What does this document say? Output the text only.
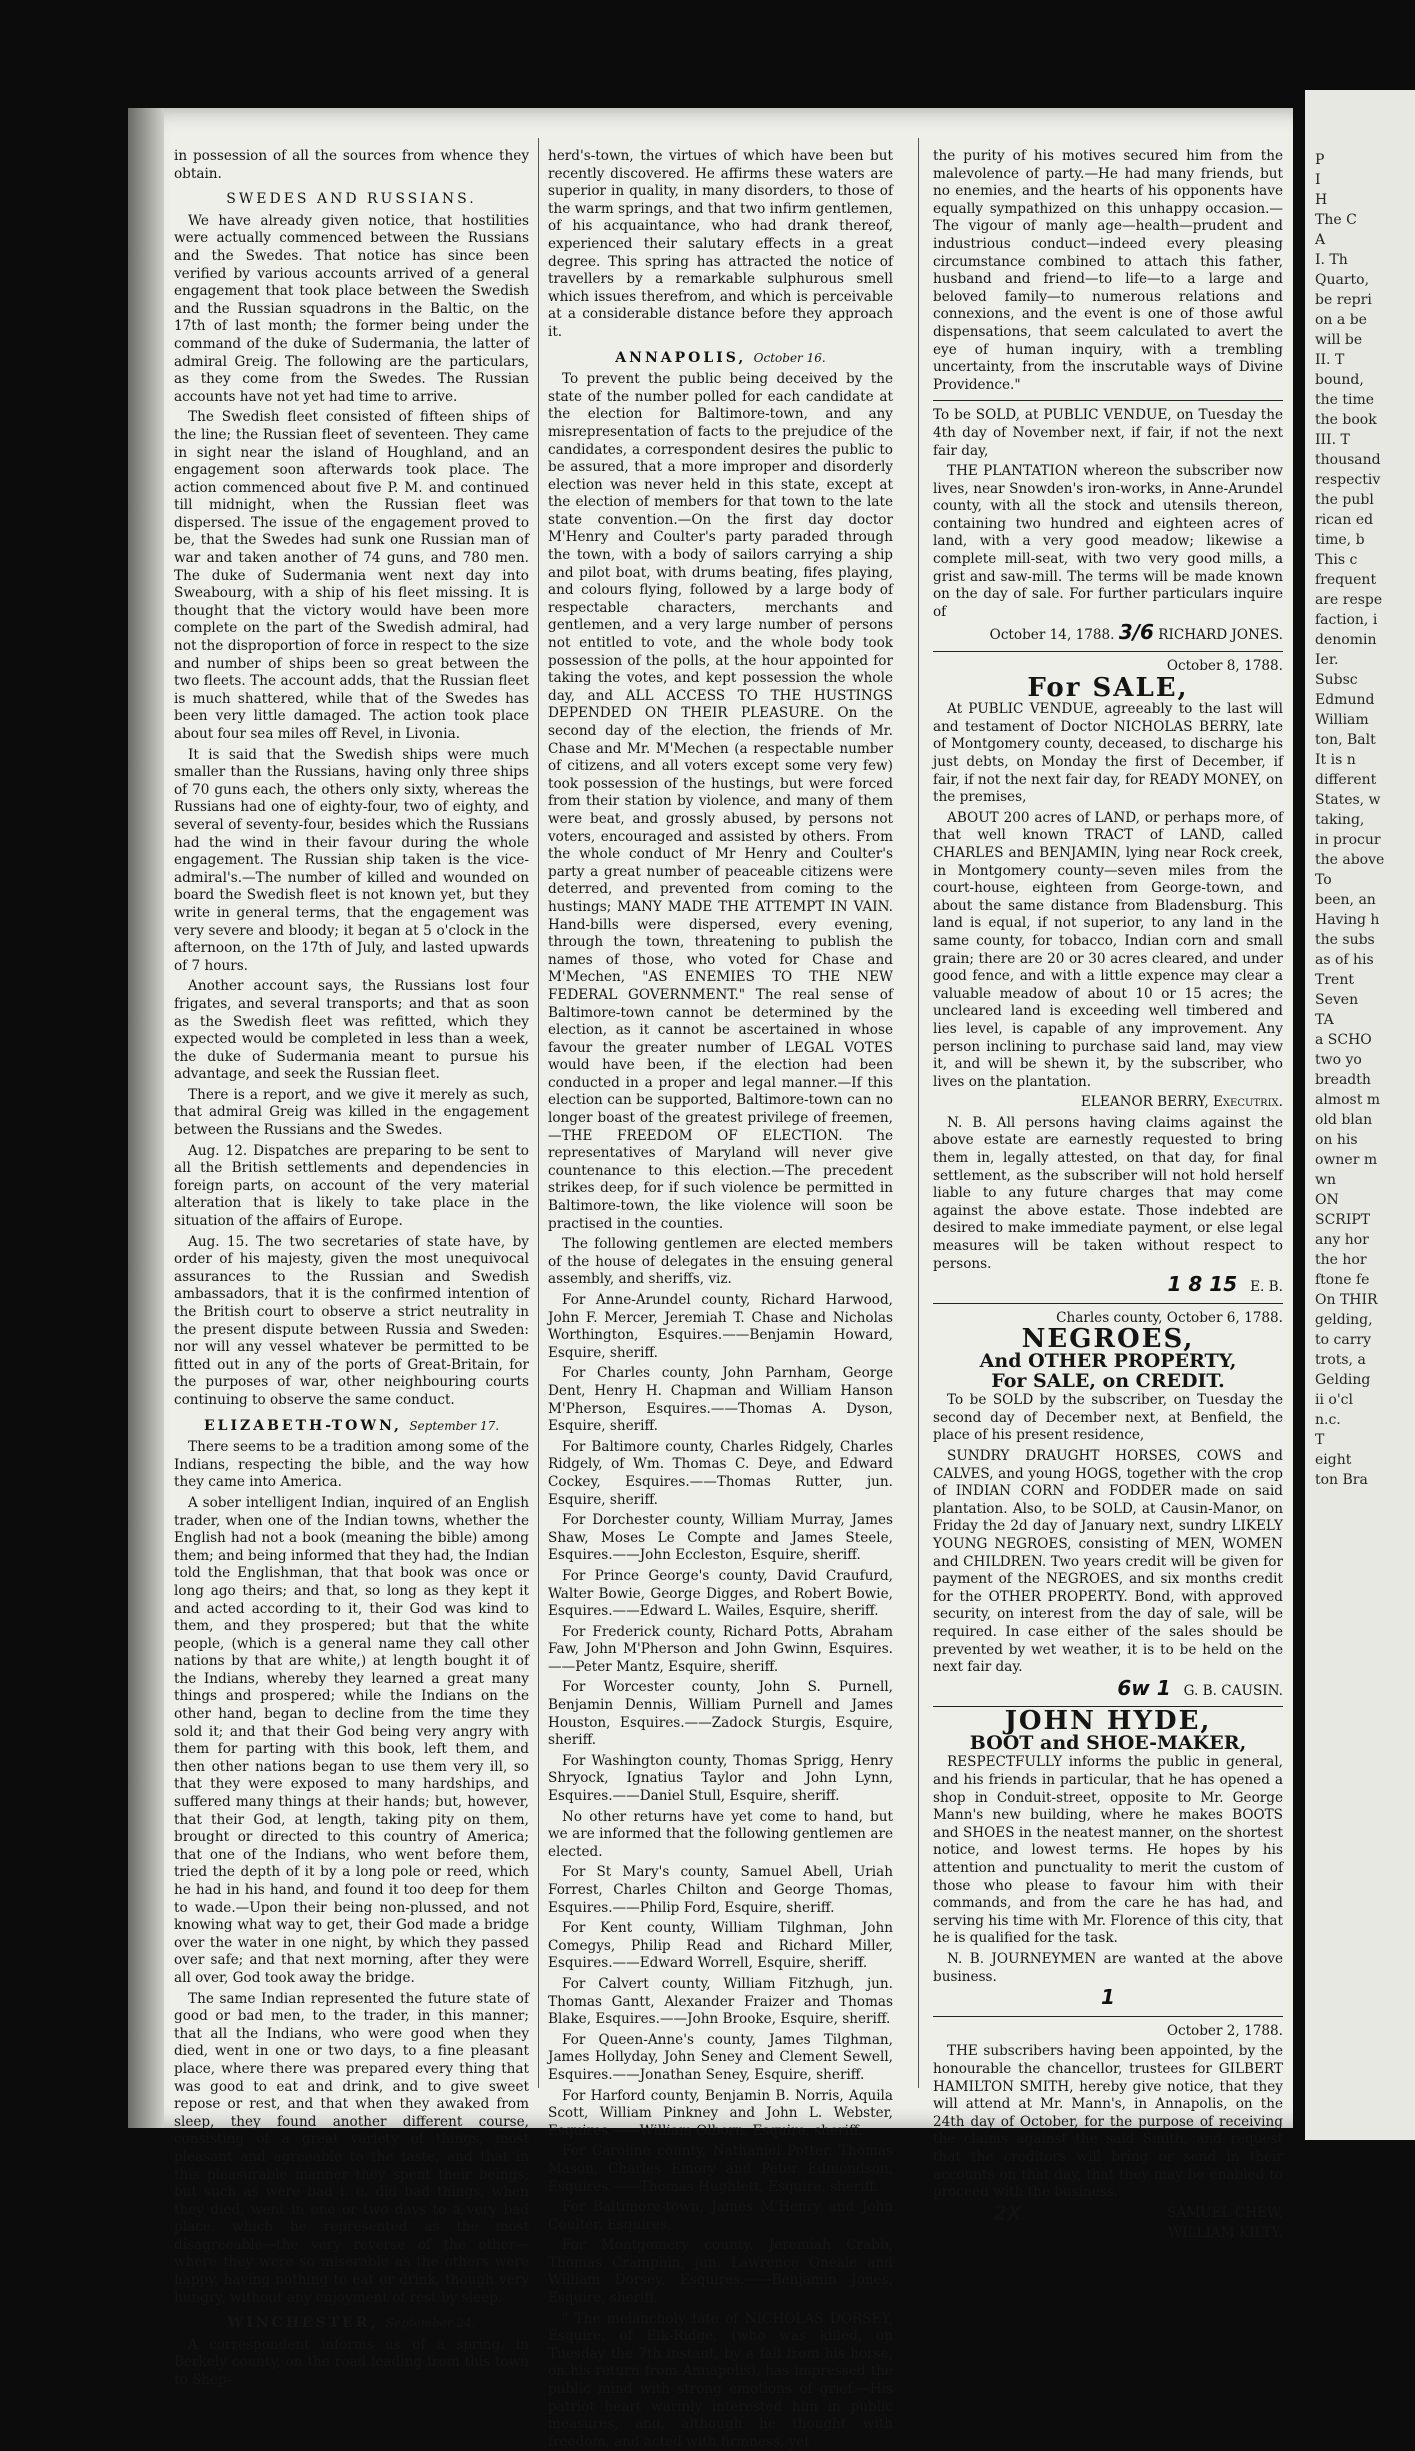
in possession of all the sources from whence they obtain.

SWEDES AND RUSSIANS.

We have already given notice, that hostilities were actually commenced between the Russians and the Swedes. That notice has since been verified by various accounts arrived of a general engagement that took place between the Swedish and the Russian squadrons in the Baltic, on the 17th of last month; the former being under the command of the duke of Sudermania, the latter of admiral Greig. The following are the particulars, as they come from the Swedes. The Russian accounts have not yet had time to arrive.

The Swedish fleet consisted of fifteen ships of the line; the Russian fleet of seventeen. They came in sight near the island of Houghland, and an engagement soon afterwards took place. The action commenced about five P. M. and continued till midnight, when the Russian fleet was dispersed. The issue of the engagement proved to be, that the Swedes had sunk one Russian man of war and taken another of 74 guns, and 780 men. The duke of Sudermania went next day into Sweabourg, with a ship of his fleet missing. It is thought that the victory would have been more complete on the part of the Swedish admiral, had not the disproportion of force in respect to the size and number of ships been so great between the two fleets. The account adds, that the Russian fleet is much shattered, while that of the Swedes has been very little damaged. The action took place about four sea miles off Revel, in Livonia.

It is said that the Swedish ships were much smaller than the Russians, having only three ships of 70 guns each, the others only sixty, whereas the Russians had one of eighty-four, two of eighty, and several of seventy-four, besides which the Russians had the wind in their favour during the whole engagement. The Russian ship taken is the vice-admiral's.—The number of killed and wounded on board the Swedish fleet is not known yet, but they write in general terms, that the engagement was very severe and bloody; it began at 5 o'clock in the afternoon, on the 17th of July, and lasted upwards of 7 hours.

Another account says, the Russians lost four frigates, and several transports; and that as soon as the Swedish fleet was refitted, which they expected would be completed in less than a week, the duke of Sudermania meant to pursue his advantage, and seek the Russian fleet.

There is a report, and we give it merely as such, that admiral Greig was killed in the engagement between the Russians and the Swedes.

Aug. 12. Dispatches are preparing to be sent to all the British settlements and dependencies in foreign parts, on account of the very material alteration that is likely to take place in the situation of the affairs of Europe.

Aug. 15. The two secretaries of state have, by order of his majesty, given the most unequivocal assurances to the Russian and Swedish ambassadors, that it is the confirmed intention of the British court to observe a strict neutrality in the present dispute between Russia and Sweden: nor will any vessel whatever be permitted to be fitted out in any of the ports of Great-Britain, for the purposes of war, other neighbouring courts continuing to observe the same conduct.

ELIZABETH-TOWN, September 17.

There seems to be a tradition among some of the Indians, respecting the bible, and the way how they came into America.

A sober intelligent Indian, inquired of an English trader, when one of the Indian towns, whether the English had not a book (meaning the bible) among them; and being informed that they had, the Indian told the Englishman, that that book was once or long ago theirs; and that, so long as they kept it and acted according to it, their God was kind to them, and they prospered; but that the white people, (which is a general name they call other nations by that are white,) at length bought it of the Indians, whereby they learned a great many things and prospered; while the Indians on the other hand, began to decline from the time they sold it; and that their God being very angry with them for parting with this book, left them, and then other nations began to use them very ill, so that they were exposed to many hardships, and suffered many things at their hands; but, however, that their God, at length, taking pity on them, brought or directed to this country of America; that one of the Indians, who went before them, tried the depth of it by a long pole or reed, which he had in his hand, and found it too deep for them to wade.—Upon their being non-plussed, and not knowing what way to get, their God made a bridge over the water in one night, by which they passed over safe; and that next morning, after they were all over, God took away the bridge.

The same Indian represented the future state of good or bad men, to the trader, in this manner; that all the Indians, who were good when they died, went in one or two days, to a fine pleasant place, where there was prepared every thing that was good to eat and drink, and to give sweet repose or rest, and that when they awaked from sleep, they found another different course, consisting of a great variety of things, most pleasant and agreeable to the taste, and that in this pleasurable manner they spent their beings; but such as were bad i. e. did bad things, when they died, went in one or two days to a very bad place, which he represented as the most disagreeable—the very reverse of the other—where they were so miserable as the others were happy, having nothing to eat or drink, though very hungry, without any enjoyment of rest by sleep.

WINCHESTER, September 24.

A correspondent informs us of a spring, in Berkely county, on the road leading from this town to Shep-

herd's-town, the virtues of which have been but recently discovered. He affirms these waters are superior in quality, in many disorders, to those of the warm springs, and that two infirm gentlemen, of his acquaintance, who had drank thereof, experienced their salutary effects in a great degree. This spring has attracted the notice of travellers by a remarkable sulphurous smell which issues therefrom, and which is perceivable at a considerable distance before they approach it.

ANNAPOLIS, October 16.

To prevent the public being deceived by the state of the number polled for each candidate at the election for Baltimore-town, and any misrepresentation of facts to the prejudice of the candidates, a correspondent desires the public to be assured, that a more improper and disorderly election was never held in this state, except at the election of members for that town to the late state convention.—On the first day doctor M'Henry and Coulter's party paraded through the town, with a body of sailors carrying a ship and pilot boat, with drums beating, fifes playing, and colours flying, followed by a large body of respectable characters, merchants and gentlemen, and a very large number of persons not entitled to vote, and the whole body took possession of the polls, at the hour appointed for taking the votes, and kept possession the whole day, and ALL ACCESS TO THE HUSTINGS DEPENDED ON THEIR PLEASURE. On the second day of the election, the friends of Mr. Chase and Mr. M'Mechen (a respectable number of citizens, and all voters except some very few) took possession of the hustings, but were forced from their station by violence, and many of them were beat, and grossly abused, by persons not voters, encouraged and assisted by others. From the whole conduct of Mr Henry and Coulter's party a great number of peaceable citizens were deterred, and prevented from coming to the hustings; MANY MADE THE ATTEMPT IN VAIN. Hand-bills were dispersed, every evening, through the town, threatening to publish the names of those, who voted for Chase and M'Mechen, "AS ENEMIES TO THE NEW FEDERAL GOVERNMENT." The real sense of Baltimore-town cannot be determined by the election, as it cannot be ascertained in whose favour the greater number of LEGAL VOTES would have been, if the election had been conducted in a proper and legal manner.—If this election can be supported, Baltimore-town can no longer boast of the greatest privilege of freemen,—THE FREEDOM OF ELECTION. The representatives of Maryland will never give countenance to this election.—The precedent strikes deep, for if such violence be permitted in Baltimore-town, the like violence will soon be practised in the counties.

The following gentlemen are elected members of the house of delegates in the ensuing general assembly, and sheriffs, viz.

For Anne-Arundel county, Richard Harwood, John F. Mercer, Jeremiah T. Chase and Nicholas Worthington, Esquires.——Benjamin Howard, Esquire, sheriff.

For Charles county, John Parnham, George Dent, Henry H. Chapman and William Hanson M'Pherson, Esquires.——Thomas A. Dyson, Esquire, sheriff.

For Baltimore county, Charles Ridgely, Charles Ridgely, of Wm. Thomas C. Deye, and Edward Cockey, Esquires.——Thomas Rutter, jun. Esquire, sheriff.

For Dorchester county, William Murray, James Shaw, Moses Le Compte and James Steele, Esquires.——John Eccleston, Esquire, sheriff.

For Prince George's county, David Craufurd, Walter Bowie, George Digges, and Robert Bowie, Esquires.——Edward L. Wailes, Esquire, sheriff.

For Frederick county, Richard Potts, Abraham Faw, John M'Pherson and John Gwinn, Esquires.——Peter Mantz, Esquire, sheriff.

For Worcester county, John S. Purnell, Benjamin Dennis, William Purnell and James Houston, Esquires.——Zadock Sturgis, Esquire, sheriff.

For Washington county, Thomas Sprigg, Henry Shryock, Ignatius Taylor and John Lynn, Esquires.——Daniel Stull, Esquire, sheriff.

No other returns have yet come to hand, but we are informed that the following gentlemen are elected.

For St Mary's county, Samuel Abell, Uriah Forrest, Charles Chilton and George Thomas, Esquires.——Philip Ford, Esquire, sheriff.

For Kent county, William Tilghman, John Comegys, Philip Read and Richard Miller, Esquires.——Edward Worrell, Esquire, sheriff.

For Calvert county, William Fitzhugh, jun. Thomas Gantt, Alexander Fraizer and Thomas Blake, Esquires.——John Brooke, Esquire, sheriff.

For Queen-Anne's county, James Tilghman, James Hollyday, John Seney and Clement Sewell, Esquires.——Jonathan Seney, Esquire, sheriff.

For Harford county, Benjamin B. Norris, Aquila Scott, William Pinkney and John L. Webster, Esquires.——William Olborn, Esquire, sheriff.

For Caroline county, Nathaniel Potter, Thomas Mason, Charles Emory and Peter Edmondson, Esquires.——Thomas Hughlett, Esquire, sheriff.

For Baltimore-town, James M'Henry and John Coulter, Esquires.

For Montgomery county, Jeremiah Crabb, Thomas Cramphin, jun. Lawrence Oneale and William Dorsey, Esquires.——Benjamin Jones, Esquire, sheriff.

" The melancholy fate of NICHOLAS DORSEY, Esquire, of Elk-Ridge, (who was killed, on Tuesday the 7th instant, by a fall from his horse, on his return from Annapolis), has impressed the public mind with strong emotions of grief.—His patriot heart warmly interested him in public measures, and, although he thought with freedom, and acted with firmness, yet

the purity of his motives secured him from the malevolence of party.—He had many friends, but no enemies, and the hearts of his opponents have equally sympathized on this unhappy occasion.—The vigour of manly age—health—prudent and industrious conduct—indeed every pleasing circumstance combined to attach this father, husband and friend—to life—to a large and beloved family—to numerous relations and connexions, and the event is one of those awful dispensations, that seem calculated to avert the eye of human inquiry, with a trembling uncertainty, from the inscrutable ways of Divine Providence."

To be SOLD, at PUBLIC VENDUE, on Tuesday the 4th day of November next, if fair, if not the next fair day,

THE PLANTATION whereon the subscriber now lives, near Snowden's iron-works, in Anne-Arundel county, with all the stock and utensils thereon, containing two hundred and eighteen acres of land, with a very good meadow; likewise a complete mill-seat, with two very good mills, a grist and saw-mill. The terms will be made known on the day of sale. For further particulars inquire of

October 14, 1788. 3/6 RICHARD JONES.

October 8, 1788.

For SALE,

At PUBLIC VENDUE, agreeably to the last will and testament of Doctor NICHOLAS BERRY, late of Montgomery county, deceased, to discharge his just debts, on Monday the first of December, if fair, if not the next fair day, for READY MONEY, on the premises,

ABOUT 200 acres of LAND, or perhaps more, of that well known TRACT of LAND, called CHARLES and BENJAMIN, lying near Rock creek, in Montgomery county—seven miles from the court-house, eighteen from George-town, and about the same distance from Bladensburg. This land is equal, if not superior, to any land in the same county, for tobacco, Indian corn and small grain; there are 20 or 30 acres cleared, and under good fence, and with a little expence may clear a valuable meadow of about 10 or 15 acres; the uncleared land is exceeding well timbered and lies level, is capable of any improvement. Any person inclining to purchase said land, may view it, and will be shewn it, by the subscriber, who lives on the plantation.

ELEANOR BERRY, Executrix.

N. B. All persons having claims against the above estate are earnestly requested to bring them in, legally attested, on that day, for final settlement, as the subscriber will not hold herself liable to any future charges that may come against the above estate. Those indebted are desired to make immediate payment, or else legal measures will be taken without respect to persons.

1 8 15 E. B.

Charles county, October 6, 1788.

NEGROES,
And OTHER PROPERTY,
For SALE, on CREDIT.

To be SOLD by the subscriber, on Tuesday the second day of December next, at Benfield, the place of his present residence,

SUNDRY DRAUGHT HORSES, COWS and CALVES, and young HOGS, together with the crop of INDIAN CORN and FODDER made on said plantation. Also, to be SOLD, at Causin-Manor, on Friday the 2d day of January next, sundry LIKELY YOUNG NEGROES, consisting of MEN, WOMEN and CHILDREN. Two years credit will be given for payment of the NEGROES, and six months credit for the OTHER PROPERTY. Bond, with approved security, on interest from the day of sale, will be required. In case either of the sales should be prevented by wet weather, it is to be held on the next fair day.

6w 1 G. B. CAUSIN.

JOHN HYDE,
BOOT and SHOE-MAKER,

RESPECTFULLY informs the public in general, and his friends in particular, that he has opened a shop in Conduit-street, opposite to Mr. George Mann's new building, where he makes BOOTS and SHOES in the neatest manner, on the shortest notice, and lowest terms. He hopes by his attention and punctuality to merit the custom of those who please to favour him with their commands, and from the care he has had, and serving his time with Mr. Florence of this city, that he is qualified for the task.

N. B. JOURNEYMEN are wanted at the above business.

1

October 2, 1788.

THE subscribers having been appointed, by the honourable the chancellor, trustees for GILBERT HAMILTON SMITH, hereby give notice, that they will attend at Mr. Mann's, in Annapolis, on the 24th day of October, for the purpose of receiving the claims against the said Smith, and request that the creditors will bring or send in their accounts on that day, that they may be enabled to proceed with the business.

2X	SAMUEL CHEW,

WILLIAM KILTY.

P
I
H
The C
A
I. Th
Quarto,
be repri
on a be
will be
II. T
bound,
the time
the book
III. T
thousand
respectiv
the publ
rican ed
time, b
This c
frequent
are respe
faction, i
denomin
Ier.
Subsc
Edmund
William
ton, Balt
It is n
different
States, w
taking,
in procur
the above
To
been, an
Having h
the subs
as of his
Trent
Seven
TA
a SCHO
two yo
breadth
almost m
old blan
on his
owner m
wn
ON
SCRIPT
any hor
the hor
ftone fe
On THIR
gelding,
to carry
trots, a
Gelding
ii o'cl
n.c.
T
eight
ton Bra
